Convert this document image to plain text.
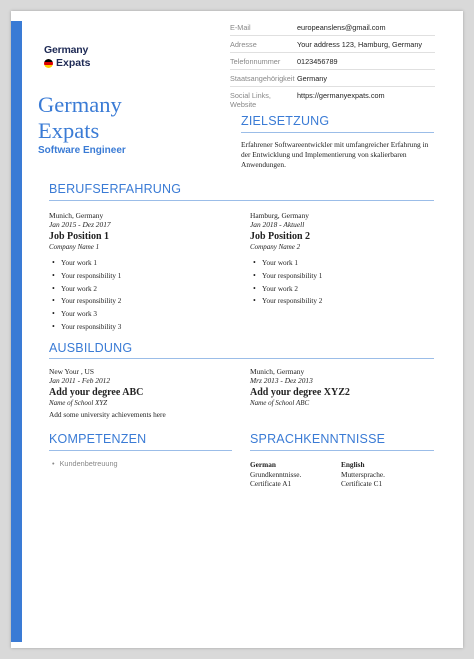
Germany
Expats
Germany
Expats
Software Engineer
E-Mail	europeanslens@gmail.com
Adresse	Your address 123, Hamburg, Germany
Telefonnummer	0123456789
Staatsangehörigkeit Germany
Social Links,
Website
https://germanyexpats.com
ZIELSETZUNG
Erfahrener Softwareentwickler mit umfangreicher Erfahrung in der Entwicklung und Implementierung von skalierbaren Anwendungen.
BERUFSERFAHRUNG
Munich, Germany
Jan 2015 - Dez 2017
Job Position 1
Company Name 1
• Your work 1
• Your responsibility 1
• Your work 2
• Your responsibility 2
• Your work 3
• Your responsibility 3
Hamburg, Germany
Jan 2018 - Aktuell
Job Position 2
Company Name 2
• Your work 1
• Your responsibility 1
• Your work 2
• Your responsibility 2
AUSBILDUNG
New Your , US
Jan 2011 - Feb 2012
Add your degree ABC
Name of School XYZ
Add some university achievements here
Munich, Germany
Mrz 2013 - Dez 2013
Add your degree XYZ2
Name of School ABC
KOMPETENZEN
• Kundenbetreuung
SPRACHKENNTNISSE
German
Grundkenntnisse.
Certificate A1
English
Muttersprache.
Certificate C1
